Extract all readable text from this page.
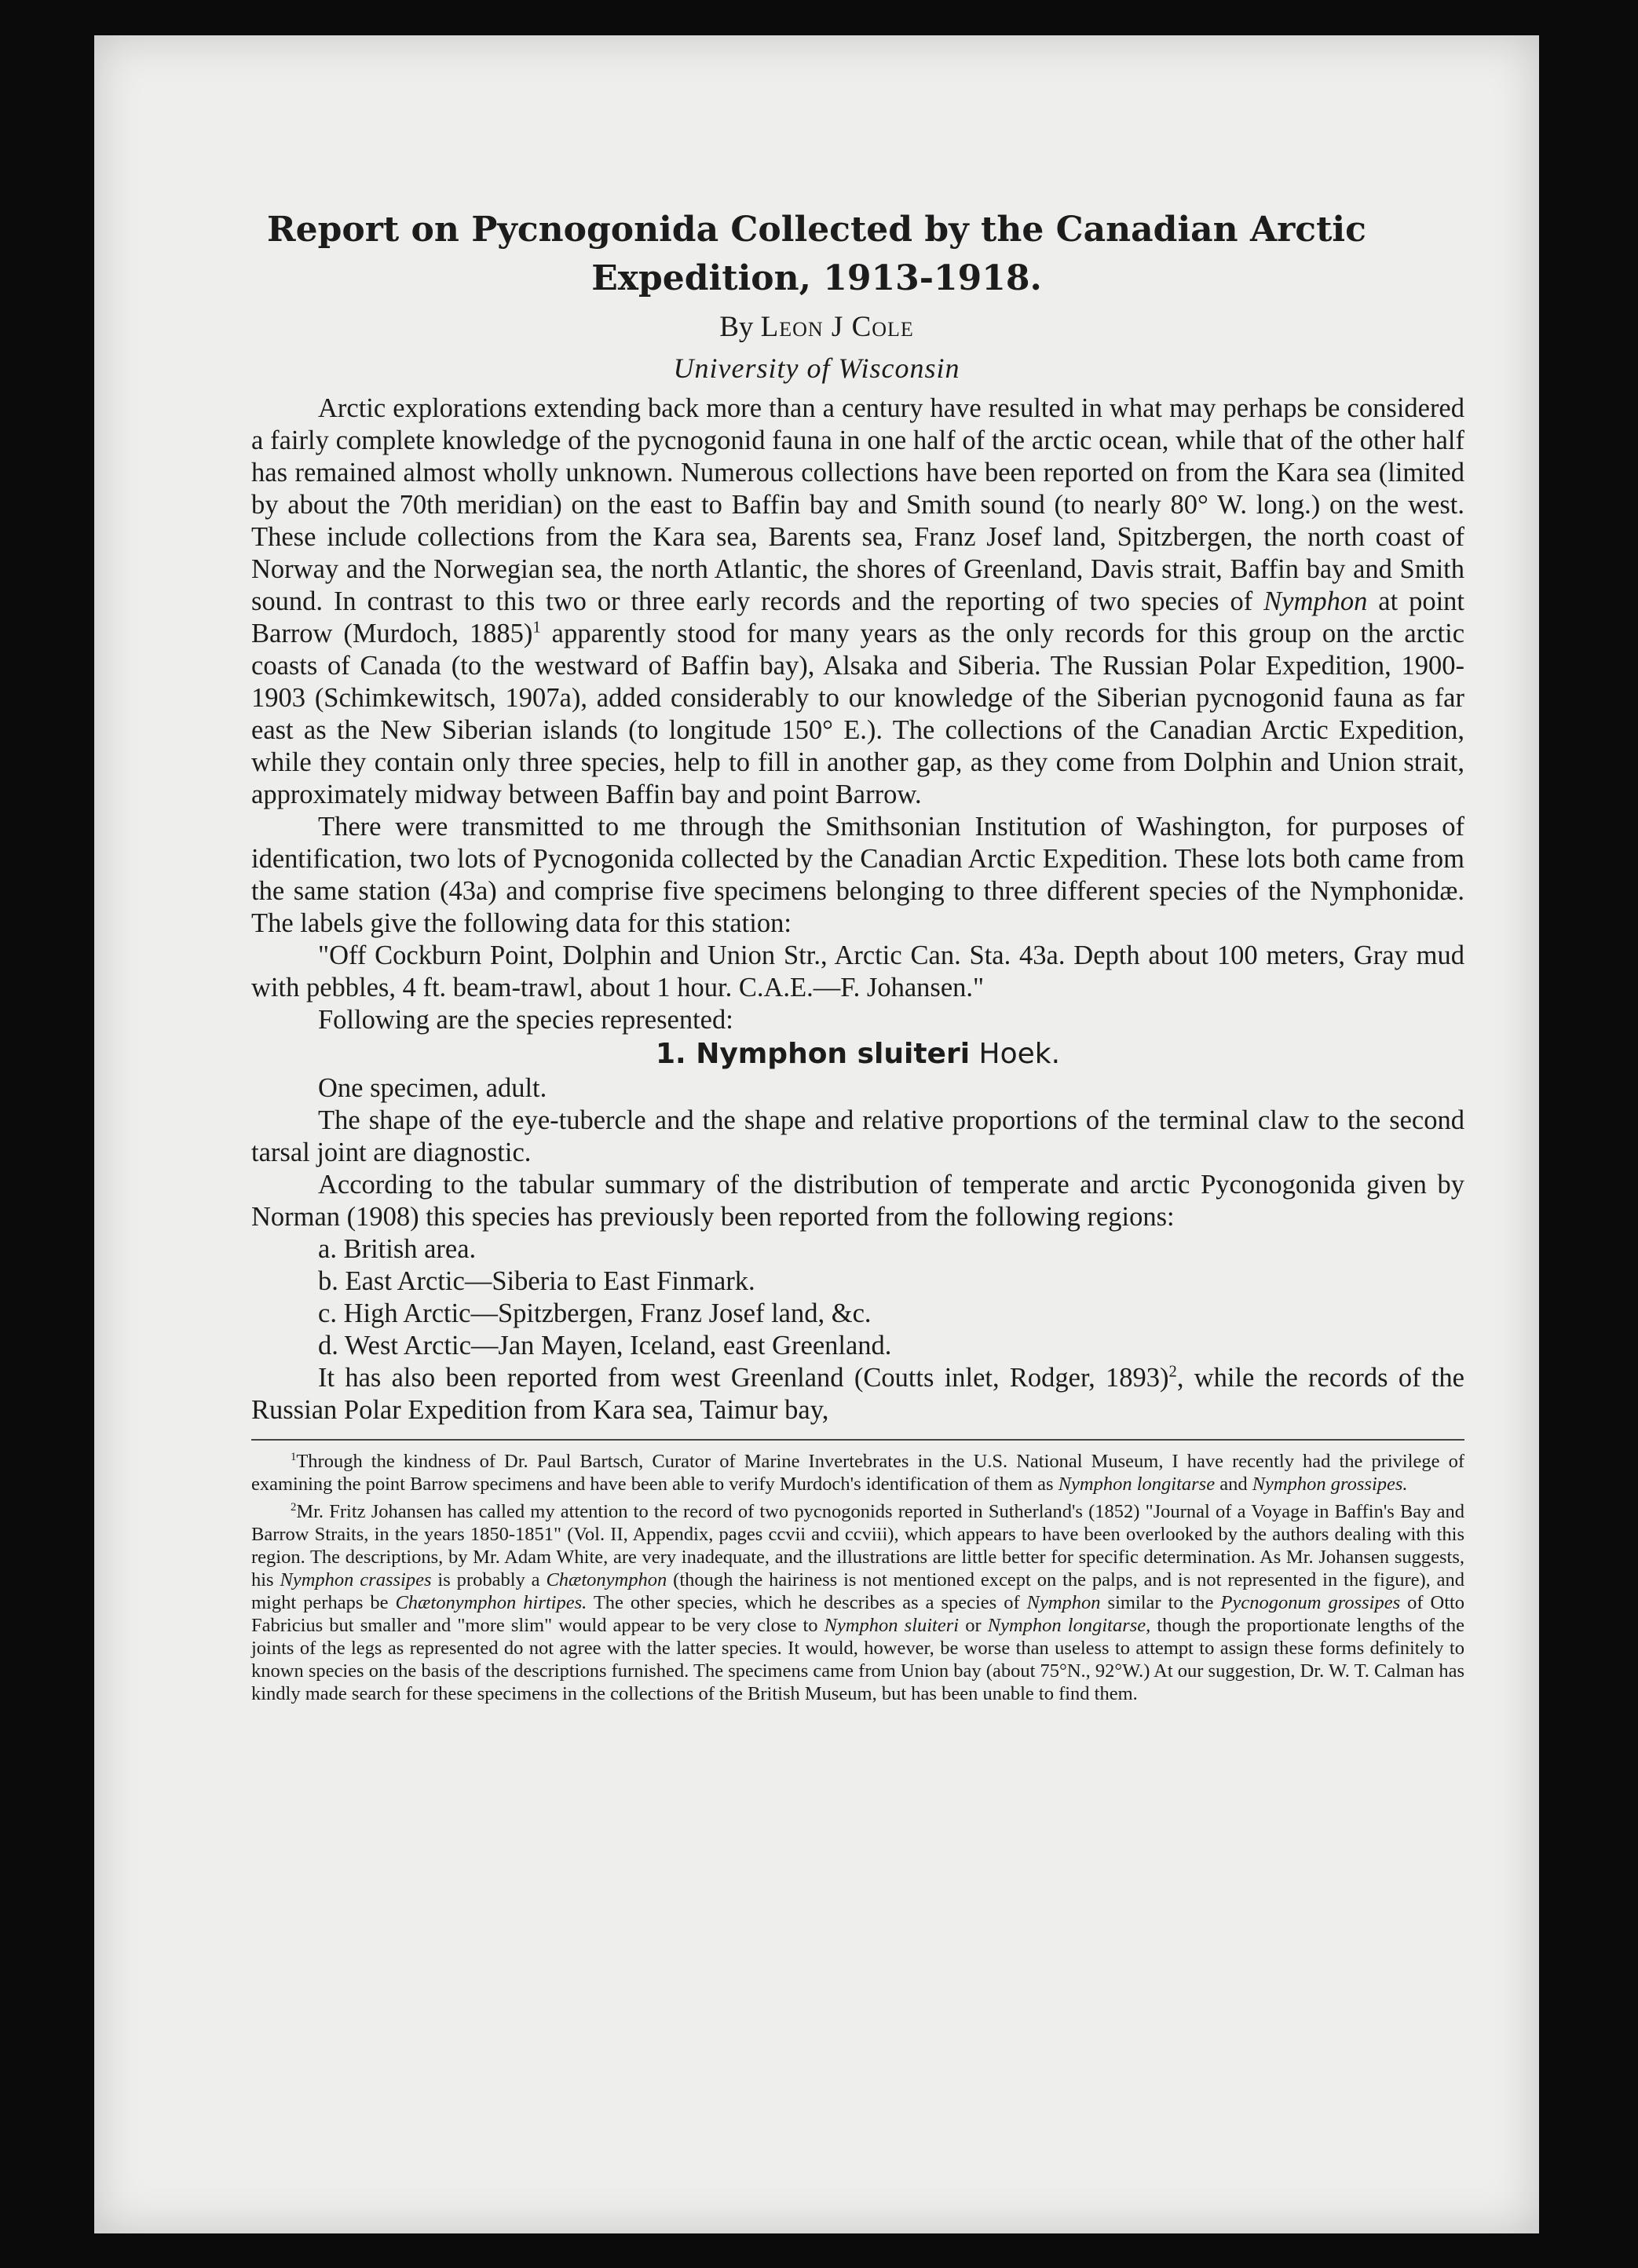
Report on Pycnogonida Collected by the Canadian Arctic
Expedition, 1913-1918.
By Leon J Cole
University of Wisconsin

Arctic explorations extending back more than a century have resulted in what may perhaps be considered a fairly complete knowledge of the pycnogonid fauna in one half of the arctic ocean, while that of the other half has remained almost wholly unknown. Numerous collections have been reported on from the Kara sea (limited by about the 70th meridian) on the east to Baffin bay and Smith sound (to nearly 80° W. long.) on the west. These include collections from the Kara sea, Barents sea, Franz Josef land, Spitzbergen, the north coast of Norway and the Norwegian sea, the north Atlantic, the shores of Greenland, Davis strait, Baffin bay and Smith sound. In contrast to this two or three early records and the reporting of two species of Nymphon at point Barrow (Murdoch, 1885)$^1$ apparently stood for many years as the only records for this group on the arctic coasts of Canada (to the westward of Baffin bay), Alsaka and Siberia. The Russian Polar Expedition, 1900-1903 (Schimkewitsch, 1907a), added considerably to our knowledge of the Siberian pycnogonid fauna as far east as the New Siberian islands (to longitude 150° E.). The collections of the Canadian Arctic Expedition, while they contain only three species, help to fill in another gap, as they come from Dolphin and Union strait, approximately midway between Baffin bay and point Barrow.

There were transmitted to me through the Smithsonian Institution of Washington, for purposes of identification, two lots of Pycnogonida collected by the Canadian Arctic Expedition. These lots both came from the same station (43a) and comprise five specimens belonging to three different species of the Nymphonidæ. The labels give the following data for this station:

"Off Cockburn Point, Dolphin and Union Str., Arctic Can. Sta. 43a. Depth about 100 meters, Gray mud with pebbles, 4 ft. beam-trawl, about 1 hour. C.A.E.—F. Johansen."

Following are the species represented:

1. Nymphon sluiteri Hoek.

One specimen, adult.

The shape of the eye-tubercle and the shape and relative proportions of the terminal claw to the second tarsal joint are diagnostic.

According to the tabular summary of the distribution of temperate and arctic Pyconogonida given by Norman (1908) this species has previously been reported from the following regions:

a. British area.

b. East Arctic—Siberia to East Finmark.

c. High Arctic—Spitzbergen, Franz Josef land, &c.

d. West Arctic—Jan Mayen, Iceland, east Greenland.

It has also been reported from west Greenland (Coutts inlet, Rodger, 1893)$^2$, while the records of the Russian Polar Expedition from Kara sea, Taimur bay,

$^1$Through the kindness of Dr. Paul Bartsch, Curator of Marine Invertebrates in the U.S. National Museum, I have recently had the privilege of examining the point Barrow specimens and have been able to verify Murdoch's identification of them as Nymphon longitarse and Nymphon grossipes.

$^2$Mr. Fritz Johansen has called my attention to the record of two pycnogonids reported in Sutherland's (1852) "Journal of a Voyage in Baffin's Bay and Barrow Straits, in the years 1850-1851" (Vol. II, Appendix, pages ccvii and ccviii), which appears to have been overlooked by the authors dealing with this region. The descriptions, by Mr. Adam White, are very inadequate, and the illustrations are little better for specific determination. As Mr. Johansen suggests, his Nymphon crassipes is probably a Chætonymphon (though the hairiness is not mentioned except on the palps, and is not represented in the figure), and might perhaps be Chætonymphon hirtipes. The other species, which he describes as a species of Nymphon similar to the Pycnogonum grossipes of Otto Fabricius but smaller and "more slim" would appear to be very close to Nymphon sluiteri or Nymphon longitarse, though the proportionate lengths of the joints of the legs as represented do not agree with the latter species. It would, however, be worse than useless to attempt to assign these forms definitely to known species on the basis of the descriptions furnished. The specimens came from Union bay (about 75°N., 92°W.) At our suggestion, Dr. W. T. Calman has kindly made search for these specimens in the collections of the British Museum, but has been unable to find them.
